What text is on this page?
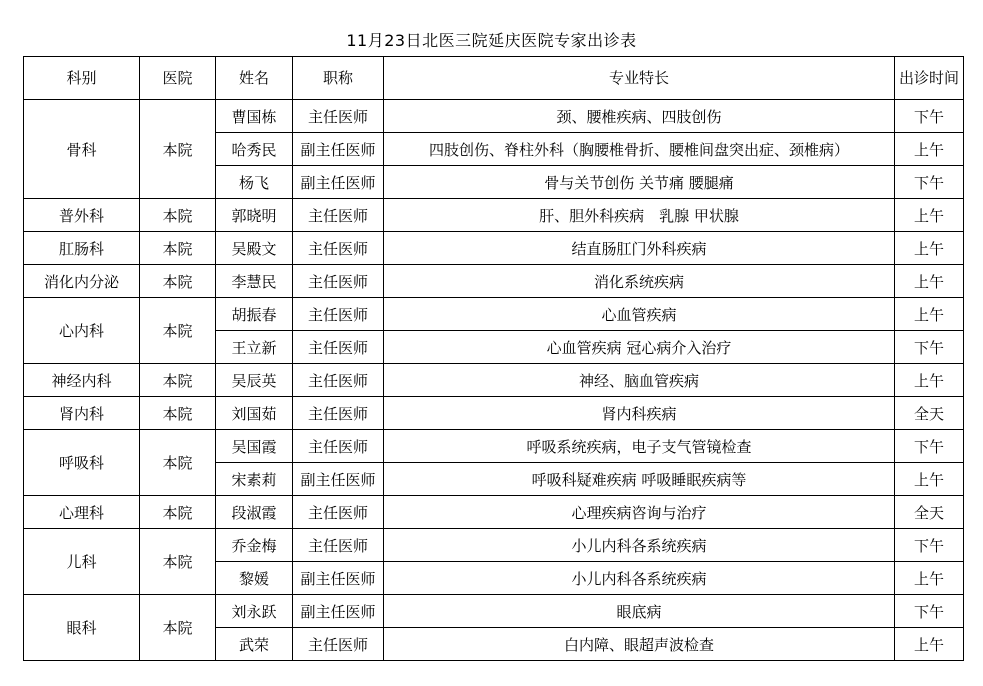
11月23日北医三院延庆医院专家出诊表
科别	医院	姓名	职称	专业特长	出诊时间
骨科	本院	曹国栋	主任医师	颈、腰椎疾病、四肢创伤	下午
		哈秀民	副主任医师	四肢创伤、脊柱外科（胸腰椎骨折、腰椎间盘突出症、颈椎病）	上午
		杨飞	副主任医师	骨与关节创伤 关节痛 腰腿痛	下午
普外科	本院	郭晓明	主任医师	肝、胆外科疾病　乳腺 甲状腺	上午
肛肠科	本院	吴殿文	主任医师	结直肠肛门外科疾病	上午
消化内分泌	本院	李慧民	主任医师	消化系统疾病	上午
心内科	本院	胡振春	主任医师	心血管疾病	上午
		王立新	主任医师	心血管疾病 冠心病介入治疗	下午
神经内科	本院	吴辰英	主任医师	神经、脑血管疾病	上午
肾内科	本院	刘国茹	主任医师	肾内科疾病	全天
呼吸科	本院	吴国霞	主任医师	呼吸系统疾病，电子支气管镜检查	下午
		宋素莉	副主任医师	呼吸科疑难疾病 呼吸睡眠疾病等	上午
心理科	本院	段淑霞	主任医师	心理疾病咨询与治疗	全天
儿科	本院	乔金梅	主任医师	小儿内科各系统疾病	下午
		黎媛	副主任医师	小儿内科各系统疾病	上午
眼科	本院	刘永跃	副主任医师	眼底病	下午
		武荣	主任医师	白内障、眼超声波检查	上午
